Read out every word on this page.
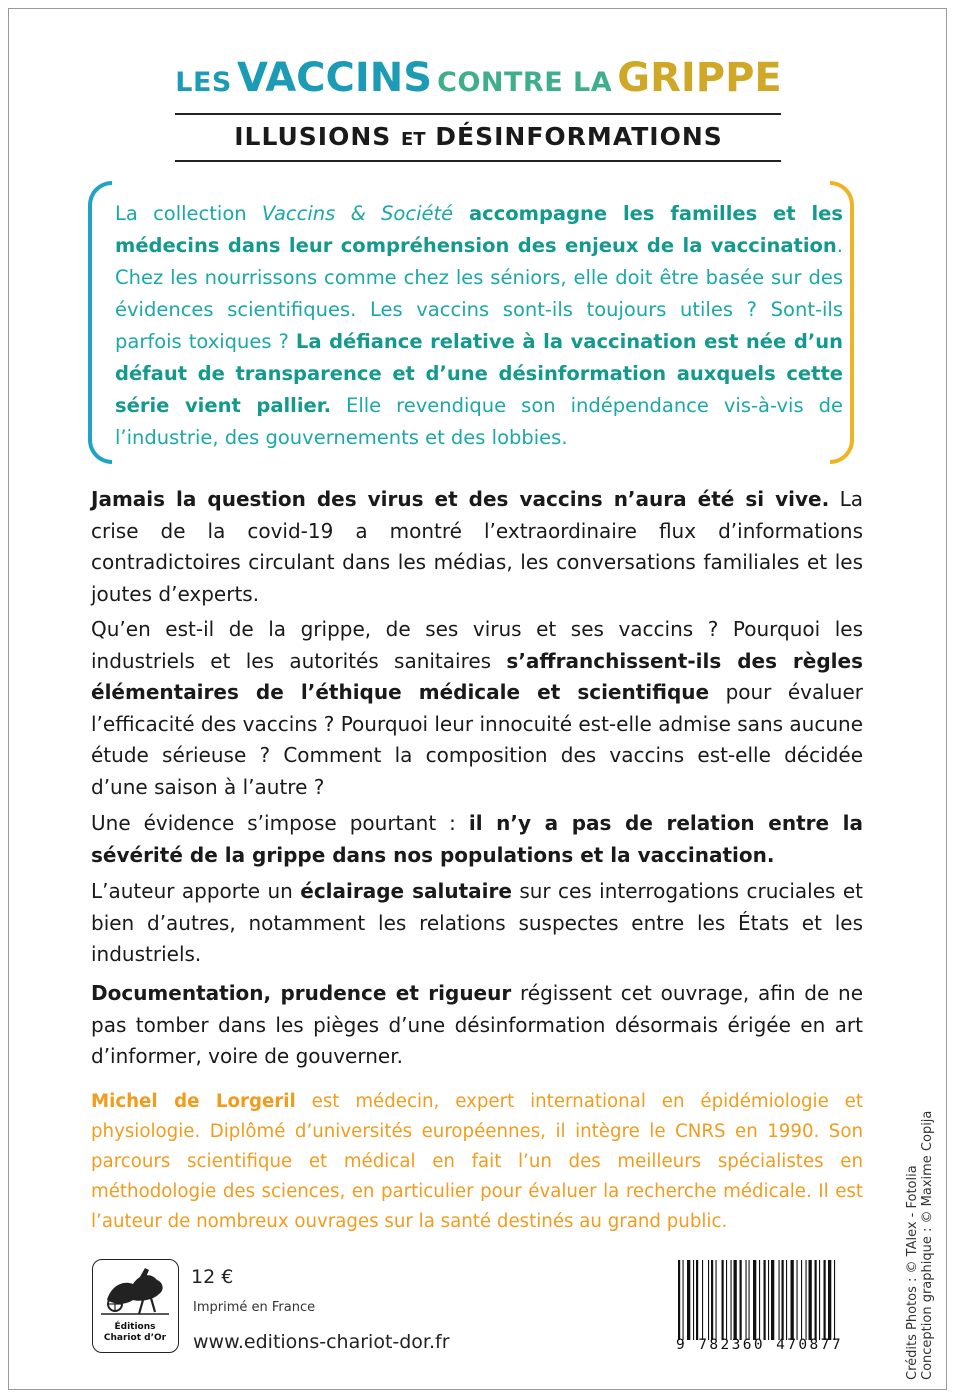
LES VACCINS CONTRE LA GRIPPE
ILLUSIONS ET DÉSINFORMATIONS
La collection Vaccins & Société accompagne les familles et les médecins dans leur compréhension des enjeux de la vaccination. Chez les nourrissons comme chez les séniors, elle doit être basée sur des évidences scientifiques. Les vaccins sont-ils toujours utiles ? Sont-ils parfois toxiques ? La défiance relative à la vaccination est née d’un défaut de transparence et d’une désinformation auxquels cette série vient pallier. Elle revendique son indépendance vis-à-vis de l’industrie, des gouvernements et des lobbies.
Jamais la question des virus et des vaccins n’aura été si vive. La crise de la covid-19 a montré l’extraordinaire flux d’informations contradictoires circulant dans les médias, les conversations familiales et les joutes d’experts.
Qu’en est-il de la grippe, de ses virus et ses vaccins ? Pourquoi les industriels et les autorités sanitaires s’affranchissent-ils des règles élémentaires de l’éthique médicale et scientifique pour évaluer l’efficacité des vaccins ? Pourquoi leur innocuité est-elle admise sans aucune étude sérieuse ? Comment la composition des vaccins est-elle décidée d’une saison à l’autre ?
Une évidence s’impose pourtant : il n’y a pas de relation entre la sévérité de la grippe dans nos populations et la vaccination.
L’auteur apporte un éclairage salutaire sur ces interrogations cruciales et bien d’autres, notamment les relations suspectes entre les États et les industriels.
Documentation, prudence et rigueur régissent cet ouvrage, afin de ne pas tomber dans les pièges d’une désinformation désormais érigée en art d’informer, voire de gouverner.
Michel de Lorgeril est médecin, expert international en épidémiologie et physiologie. Diplômé d’universités européennes, il intègre le CNRS en 1990. Son parcours scientifique et médical en fait l’un des meilleurs spécialistes en méthodologie des sciences, en particulier pour évaluer la recherche médicale. Il est l’auteur de nombreux ouvrages sur la santé destinés au grand public.	Crédits Photos : © TAlex - Fotolia Conception graphique : © Maxime Copija
Éditions
Chariot d’Or
12 €
Imprimé en France
www.editions-chariot-dor.fr	9 782360 470877
